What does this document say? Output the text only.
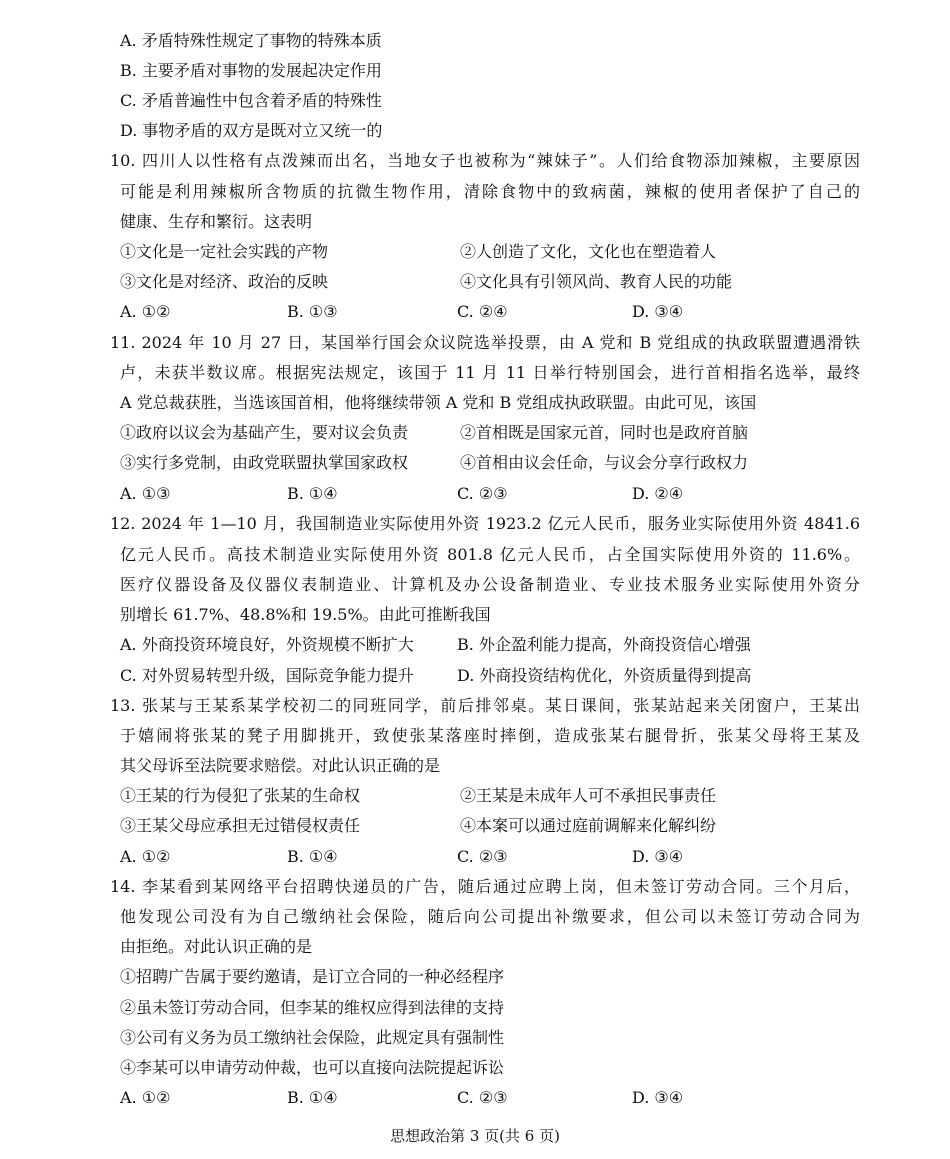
A. 矛盾特殊性规定了事物的特殊本质
B. 主要矛盾对事物的发展起决定作用
C. 矛盾普遍性中包含着矛盾的特殊性
D. 事物矛盾的双方是既对立又统一的
10. 四川人以性格有点泼辣而出名，当地女子也被称为“辣妹子”。人们给食物添加辣椒，主要原因
可能是利用辣椒所含物质的抗微生物作用，清除食物中的致病菌，辣椒的使用者保护了自己的
健康、生存和繁衍。这表明
①文化是一定社会实践的产物	②人创造了文化，文化也在塑造着人
③文化是对经济、政治的反映	④文化具有引领风尚、教育人民的功能
A. ①②	B. ①③	C. ②④	D. ③④
11. 2024 年 10 月 27 日，某国举行国会众议院选举投票，由 A 党和 B 党组成的执政联盟遭遇滑铁
卢，未获半数议席。根据宪法规定，该国于 11 月 11 日举行特别国会，进行首相指名选举，最终
A 党总裁获胜，当选该国首相，他将继续带领 A 党和 B 党组成执政联盟。由此可见，该国
①政府以议会为基础产生，要对议会负责	②首相既是国家元首，同时也是政府首脑
③实行多党制，由政党联盟执掌国家政权	④首相由议会任命，与议会分享行政权力
A. ①③	B. ①④	C. ②③	D. ②④
12. 2024 年 1—10 月，我国制造业实际使用外资 1923.2 亿元人民币，服务业实际使用外资 4841.6
亿元人民币。高技术制造业实际使用外资 801.8 亿元人民币，占全国实际使用外资的 11.6%。
医疗仪器设备及仪器仪表制造业、计算机及办公设备制造业、专业技术服务业实际使用外资分
别增长 61.7%、48.8%和 19.5%。由此可推断我国
A. 外商投资环境良好，外资规模不断扩大	B. 外企盈利能力提高，外商投资信心增强
C. 对外贸易转型升级，国际竞争能力提升	D. 外商投资结构优化，外资质量得到提高
13. 张某与王某系某学校初二的同班同学，前后排邻桌。某日课间，张某站起来关闭窗户，王某出
于嬉闹将张某的凳子用脚挑开，致使张某落座时摔倒，造成张某右腿骨折，张某父母将王某及
其父母诉至法院要求赔偿。对此认识正确的是
①王某的行为侵犯了张某的生命权	②王某是未成年人可不承担民事责任
③王某父母应承担无过错侵权责任	④本案可以通过庭前调解来化解纠纷
A. ①②	B. ①④	C. ②③	D. ③④
14. 李某看到某网络平台招聘快递员的广告，随后通过应聘上岗，但未签订劳动合同。三个月后，
他发现公司没有为自己缴纳社会保险，随后向公司提出补缴要求，但公司以未签订劳动合同为
由拒绝。对此认识正确的是
①招聘广告属于要约邀请，是订立合同的一种必经程序
②虽未签订劳动合同，但李某的维权应得到法律的支持
③公司有义务为员工缴纳社会保险，此规定具有强制性
④李某可以申请劳动仲裁，也可以直接向法院提起诉讼
A. ①②	B. ①④	C. ②③	D. ③④
思想政治第 3 页(共 6 页)
